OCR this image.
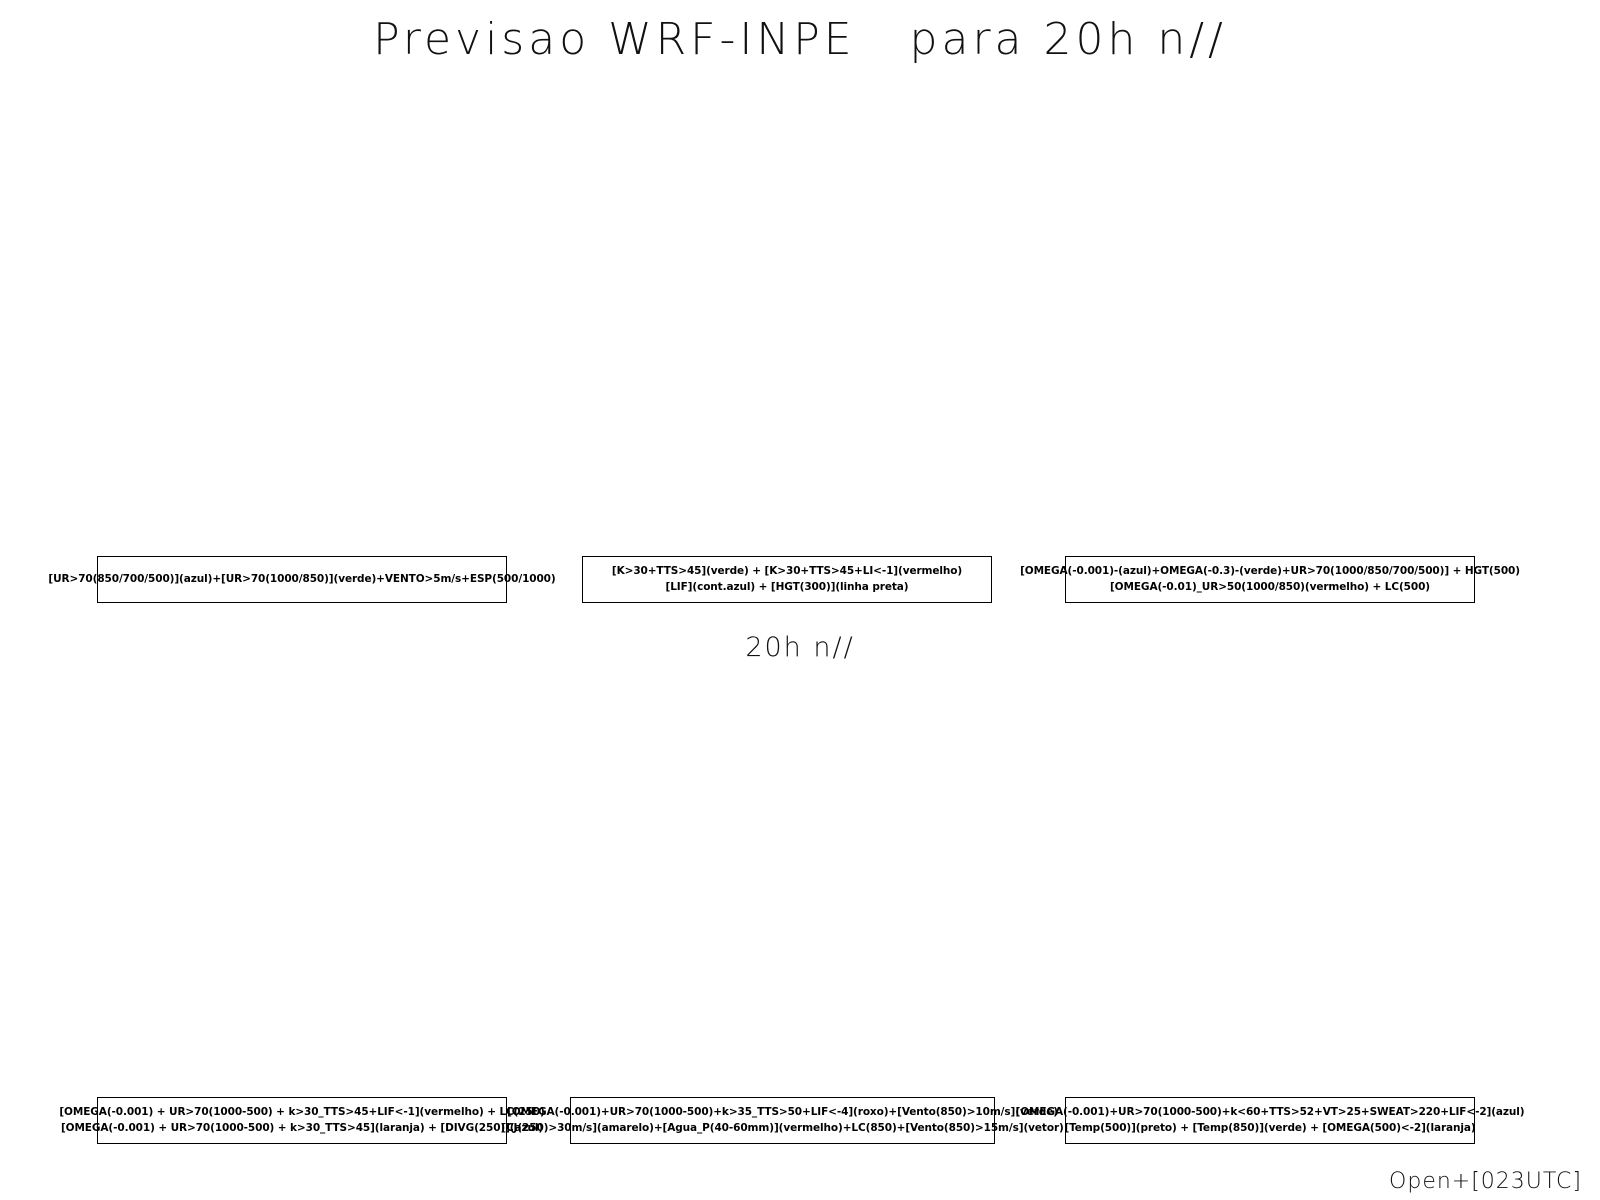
Previsao WRF-INPE   para 20h n//
[UR>70(850/700/500)](azul)+[UR>70(1000/850)](verde)+VENTO>5m/s+ESP(500/1000)
[K>30+TTS>45](verde) + [K>30+TTS>45+LI<-1](vermelho)
[LIF](cont.azul) + [HGT(300)](linha preta)
[OMEGA(-0.001)-(azul)+OMEGA(-0.3)-(verde)+UR>70(1000/850/700/500)] + HGT(500)
[OMEGA(-0.01)_UR>50(1000/850)(vermelho) + LC(500)
20h n//
[OMEGA(-0.001) + UR>70(1000-500) + k>30_TTS>45+LIF<-1](vermelho) + LC(250)
[OMEGA(-0.001) + UR>70(1000-500) + k>30_TTS>45](laranja) + [DIVG(250)](azul)
[OMEGA(-0.001)+UR>70(1000-500)+k>35_TTS>50+LIF<-4](roxo)+[Vento(850)>10m/s](verde)
[CJ(250)>30m/s](amarelo)+[Agua_P(40-60mm)](vermelho)+LC(850)+[Vento(850)>15m/s](vetor)
[OMEGA(-0.001)+UR>70(1000-500)+k<60+TTS>52+VT>25+SWEAT>220+LIF<-2](azul)
[Temp(500)](preto) + [Temp(850)](verde) + [OMEGA(500)<-2](laranja)
Open+[023UTC]
